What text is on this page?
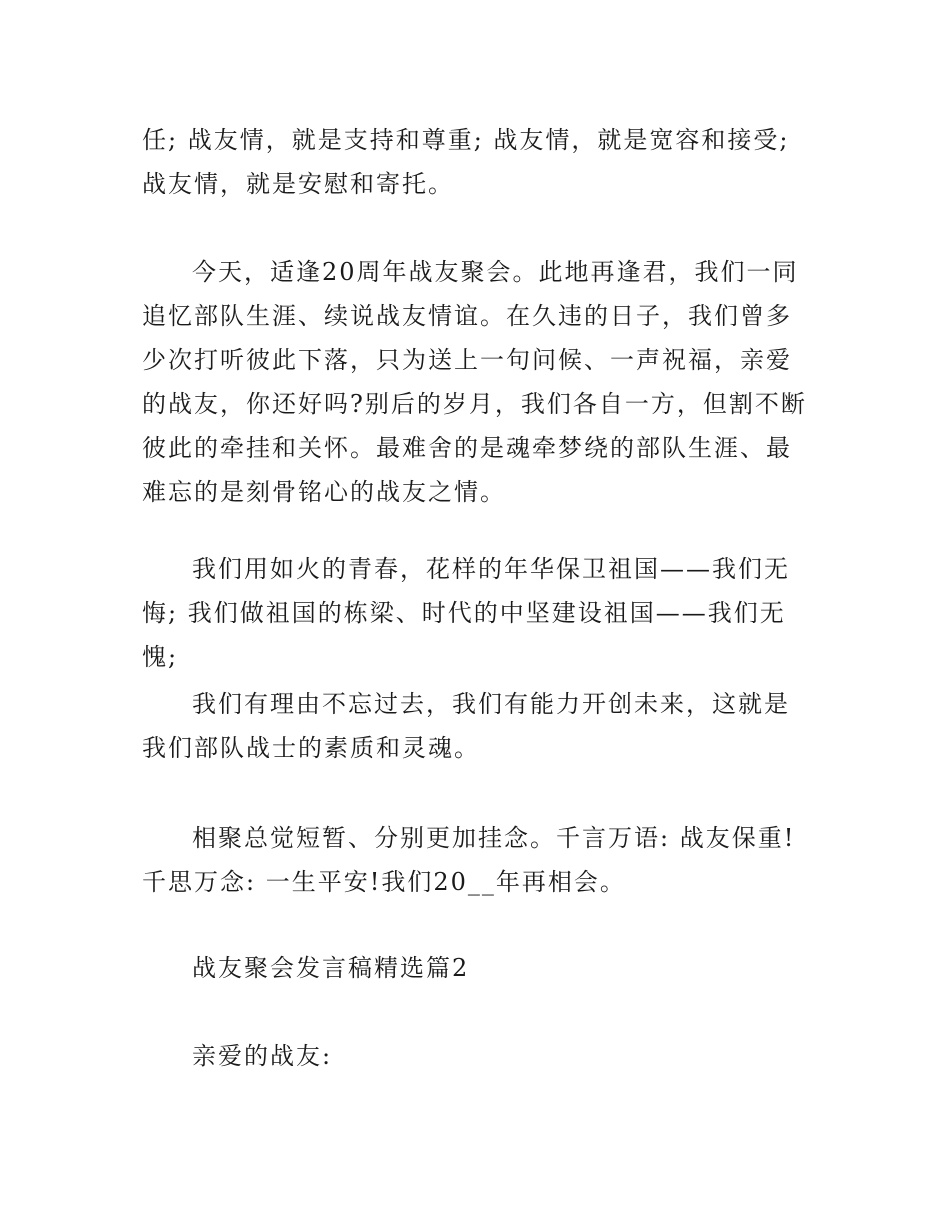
任; 战友情，就是支持和尊重; 战友情，就是宽容和接受; 战友情，就是安慰和寄托。

今天，适逢20周年战友聚会。此地再逢君，我们一同追忆部队生涯、续说战友情谊。在久违的日子，我们曾多少次打听彼此下落，只为送上一句问候、一声祝福，亲爱的战友，你还好吗?别后的岁月，我们各自一方，但割不断彼此的牵挂和关怀。最难舍的是魂牵梦绕的部队生涯、最难忘的是刻骨铭心的战友之情。

我们用如火的青春，花样的年华保卫祖国——我们无悔; 我们做祖国的栋梁、时代的中坚建设祖国——我们无愧;

我们有理由不忘过去，我们有能力开创未来，这就是我们部队战士的素质和灵魂。

相聚总觉短暂、分别更加挂念。千言万语: 战友保重!千思万念: 一生平安!我们20__年再相会。

战友聚会发言稿精选篇2

亲爱的战友:
